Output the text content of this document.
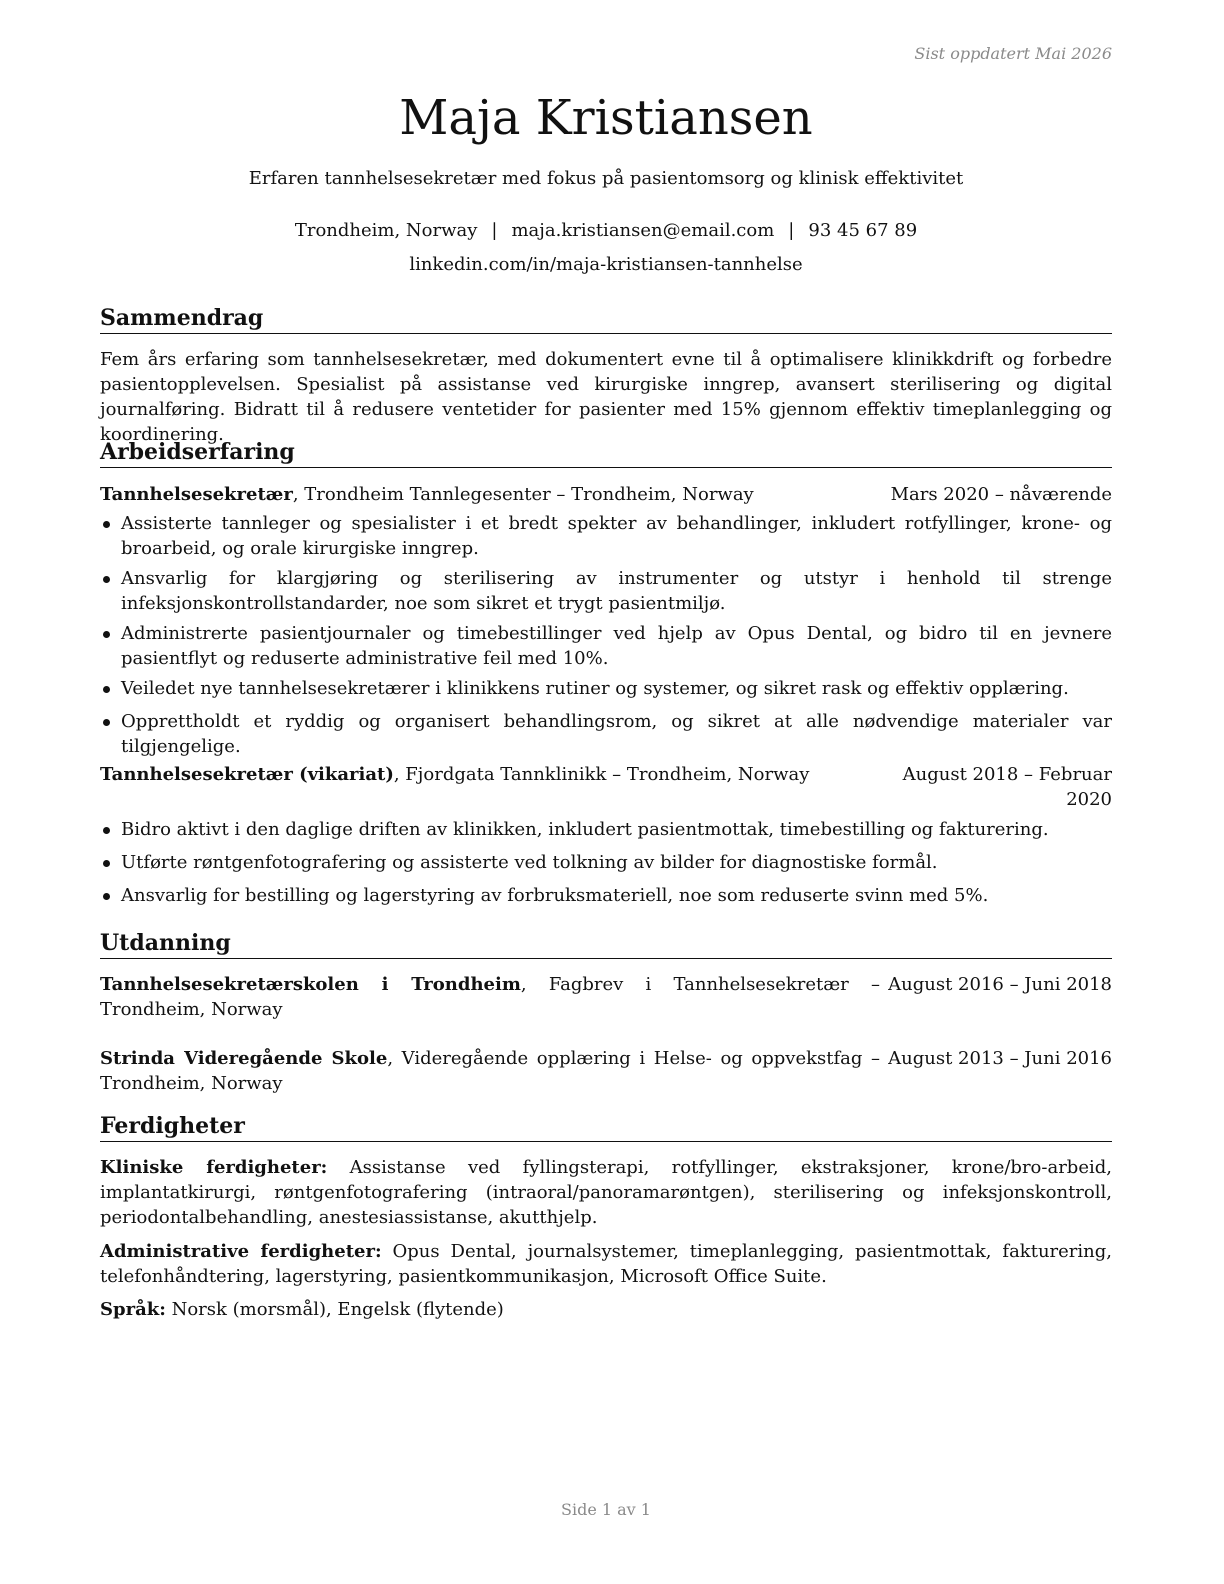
Sist oppdatert Mai 2026
Maja Kristiansen
Erfaren tannhelsesekretær med fokus på pasientomsorg og klinisk effektivitet
Trondheim, Norway | maja.kristiansen@email.com | 93 45 67 89
linkedin.com/in/maja-kristiansen-tannhelse
Sammendrag

Fem års erfaring som tannhelsesekretær, med dokumentert evne til å optimalisere klinikkdrift og forbedre pasientopplevelsen. Spesialist på assistanse ved kirurgiske inngrep, avansert sterilisering og digital journalføring. Bidratt til å redusere ventetider for pasienter med 15% gjennom effektiv timeplanlegging og koordinering.

Arbeidserfaring
Tannhelsesekretær, Trondheim Tannlegesenter – Trondheim, Norway	Mars 2020 – nåværende
Assisterte tannleger og spesialister i et bredt spekter av behandlinger, inkludert rotfyllinger, krone- og broarbeid, og orale kirurgiske inngrep.
Ansvarlig for klargjøring og sterilisering av instrumenter og utstyr i henhold til strenge infeksjonskontrollstandarder, noe som sikret et trygt pasientmiljø.
Administrerte pasientjournaler og timebestillinger ved hjelp av Opus Dental, og bidro til en jevnere pasientflyt og reduserte administrative feil med 10%.
Veiledet nye tannhelsesekretærer i klinikkens rutiner og systemer, og sikret rask og effektiv opplæring.
Opprettholdt et ryddig og organisert behandlingsrom, og sikret at alle nødvendige materialer var tilgjengelige.
Tannhelsesekretær (vikariat), Fjordgata Tannklinikk – Trondheim, Norway	August 2018 – Februar 2020
Bidro aktivt i den daglige driften av klinikken, inkludert pasientmottak, timebestilling og fakturering.
Utførte røntgenfotografering og assisterte ved tolkning av bilder for diagnostiske formål.
Ansvarlig for bestilling og lagerstyring av forbruksmateriell, noe som reduserte svinn med 5%.
Utdanning
Tannhelsesekretærskolen i Trondheim, Fagbrev i Tannhelsesekretær – Trondheim, Norway
August 2016 – Juni 2018
Strinda Videregående Skole, Videregående opplæring i Helse- og oppvekstfag – Trondheim, Norway
August 2013 – Juni 2016
Ferdigheter

Kliniske ferdigheter: Assistanse ved fyllingsterapi, rotfyllinger, ekstraksjoner, krone/bro-arbeid, implantatkirurgi, røntgenfotografering (intraoral/panoramarøntgen), sterilisering og infeksjonskontroll, periodontalbehandling, anestesiassistanse, akutthjelp.

Administrative ferdigheter: Opus Dental, journalsystemer, timeplanlegging, pasientmottak, fakturering, telefonhåndtering, lagerstyring, pasientkommunikasjon, Microsoft Office Suite.

Språk: Norsk (morsmål), Engelsk (flytende)

Side 1 av 1
